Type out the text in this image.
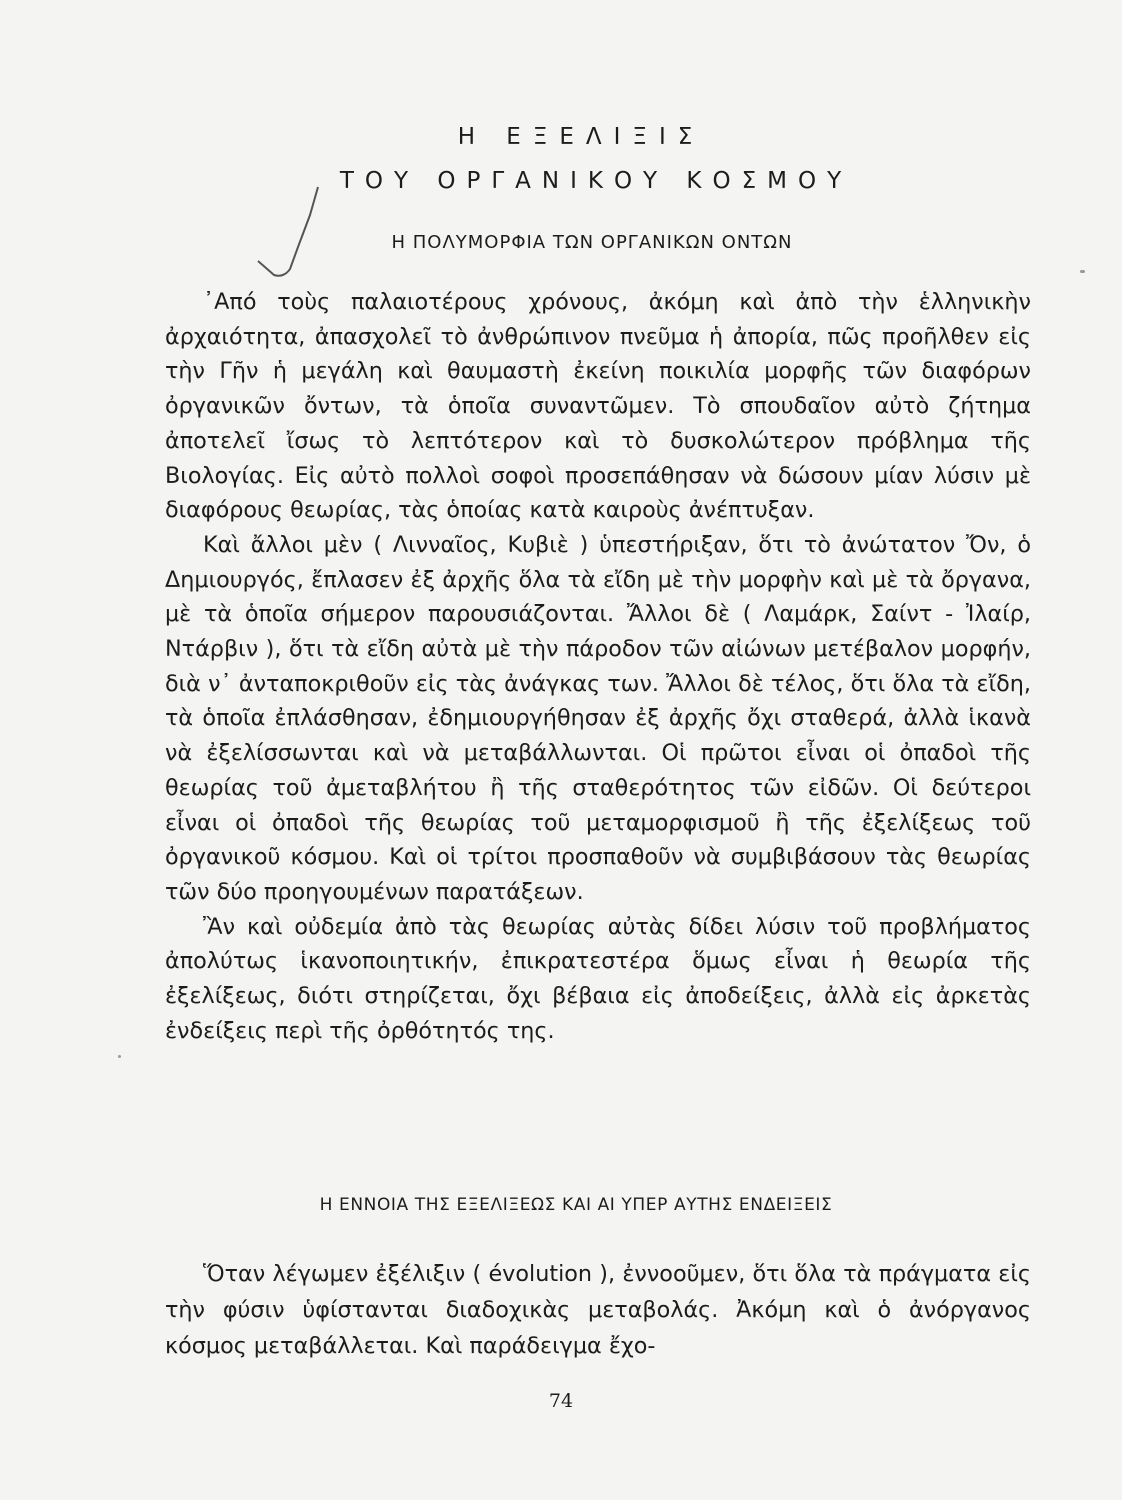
Η ΕΞΕΛΙΞΙΣ
ΤΟΥ ΟΡΓΑΝΙΚΟΥ ΚΟΣΜΟΥ
Η ΠΟΛΥΜΟΡΦΙΑ ΤΩΝ ΟΡΓΑΝΙΚΩΝ ΟΝΤΩΝ

᾿Από τοὺς παλαιοτέρους χρόνους, ἀκόμη καὶ ἀπὸ τὴν ἑλληνικὴν ἀρχαιότητα, ἀπασχολεῖ τὸ ἀνθρώπινον πνεῦμα ἡ ἀπορία, πῶς προῆλθεν εἰς τὴν Γῆν ἡ μεγάλη καὶ θαυμαστὴ ἐκείνη ποικιλία μορφῆς τῶν διαφόρων ὀργανικῶν ὄντων, τὰ ὁποῖα συναντῶμεν. Τὸ σπουδαῖον αὐτὸ ζήτημα ἀποτελεῖ ἴσως τὸ λεπτότερον καὶ τὸ δυσκολώτερον πρόβλημα τῆς Βιολογίας. Εἰς αὐτὸ πολλοὶ σοφοὶ προσεπάθησαν νὰ δώσουν μίαν λύσιν μὲ διαφόρους θεωρίας, τὰς ὁποίας κατὰ καιροὺς ἀνέπτυξαν.

Καὶ ἄλλοι μὲν ( Λινναῖος, Κυβιὲ ) ὑπεστήριξαν, ὅτι τὸ ἀνώτατον Ὄν, ὁ Δημιουργός, ἔπλασεν ἐξ ἀρχῆς ὅλα τὰ εἴδη μὲ τὴν μορφὴν καὶ μὲ τὰ ὄργανα, μὲ τὰ ὁποῖα σήμερον παρουσιάζονται. Ἄλλοι δὲ ( Λαμάρκ, Σαίντ - Ἰλαίρ, Ντάρβιν ), ὅτι τὰ εἴδη αὐτὰ μὲ τὴν πάροδον τῶν αἰώνων μετέβαλον μορφήν, διὰ ν᾿ ἀνταποκριθοῦν εἰς τὰς ἀνάγκας των. Ἄλλοι δὲ τέλος, ὅτι ὅλα τὰ εἴδη, τὰ ὁποῖα ἐπλάσθησαν, ἐδημιουργήθησαν ἐξ ἀρχῆς ὄχι σταθερά, ἀλλὰ ἱκανὰ νὰ ἐξελίσσωνται καὶ νὰ μεταβάλλωνται. Οἱ πρῶτοι εἶναι οἱ ὀπαδοὶ τῆς θεωρίας τοῦ ἀμεταβλήτου ἢ τῆς σταθερότητος τῶν εἰδῶν. Οἱ δεύτεροι εἶναι οἱ ὀπαδοὶ τῆς θεωρίας τοῦ μεταμορφισμοῦ ἢ τῆς ἐξελίξεως τοῦ ὀργανικοῦ κόσμου. Καὶ οἱ τρίτοι προσπαθοῦν νὰ συμβιβάσουν τὰς θεωρίας τῶν δύο προηγουμένων παρατάξεων.

Ἂν καὶ οὐδεμία ἀπὸ τὰς θεωρίας αὐτὰς δίδει λύσιν τοῦ προβλήματος ἀπολύτως ἱκανοποιητικήν, ἐπικρατεστέρα ὅμως εἶναι ἡ θεωρία τῆς ἐξελίξεως, διότι στηρίζεται, ὄχι βέβαια εἰς ἀποδείξεις, ἀλλὰ εἰς ἀρκετὰς ἐνδείξεις περὶ τῆς ὀρθότητός της.

Η ΕΝΝΟΙΑ ΤΗΣ ΕΞΕΛΙΞΕΩΣ ΚΑΙ ΑΙ ΥΠΕΡ ΑΥΤΗΣ ΕΝΔΕΙΞΕΙΣ

Ὅταν λέγωμεν ἐξέλιξιν ( évolution ), ἐννοοῦμεν, ὅτι ὅλα τὰ πράγματα εἰς τὴν φύσιν ὑφίστανται διαδοχικὰς μεταβολάς. Ἀκόμη καὶ ὁ ἀνόργανος κόσμος μεταβάλλεται. Καὶ παράδειγμα ἔχο-

74
